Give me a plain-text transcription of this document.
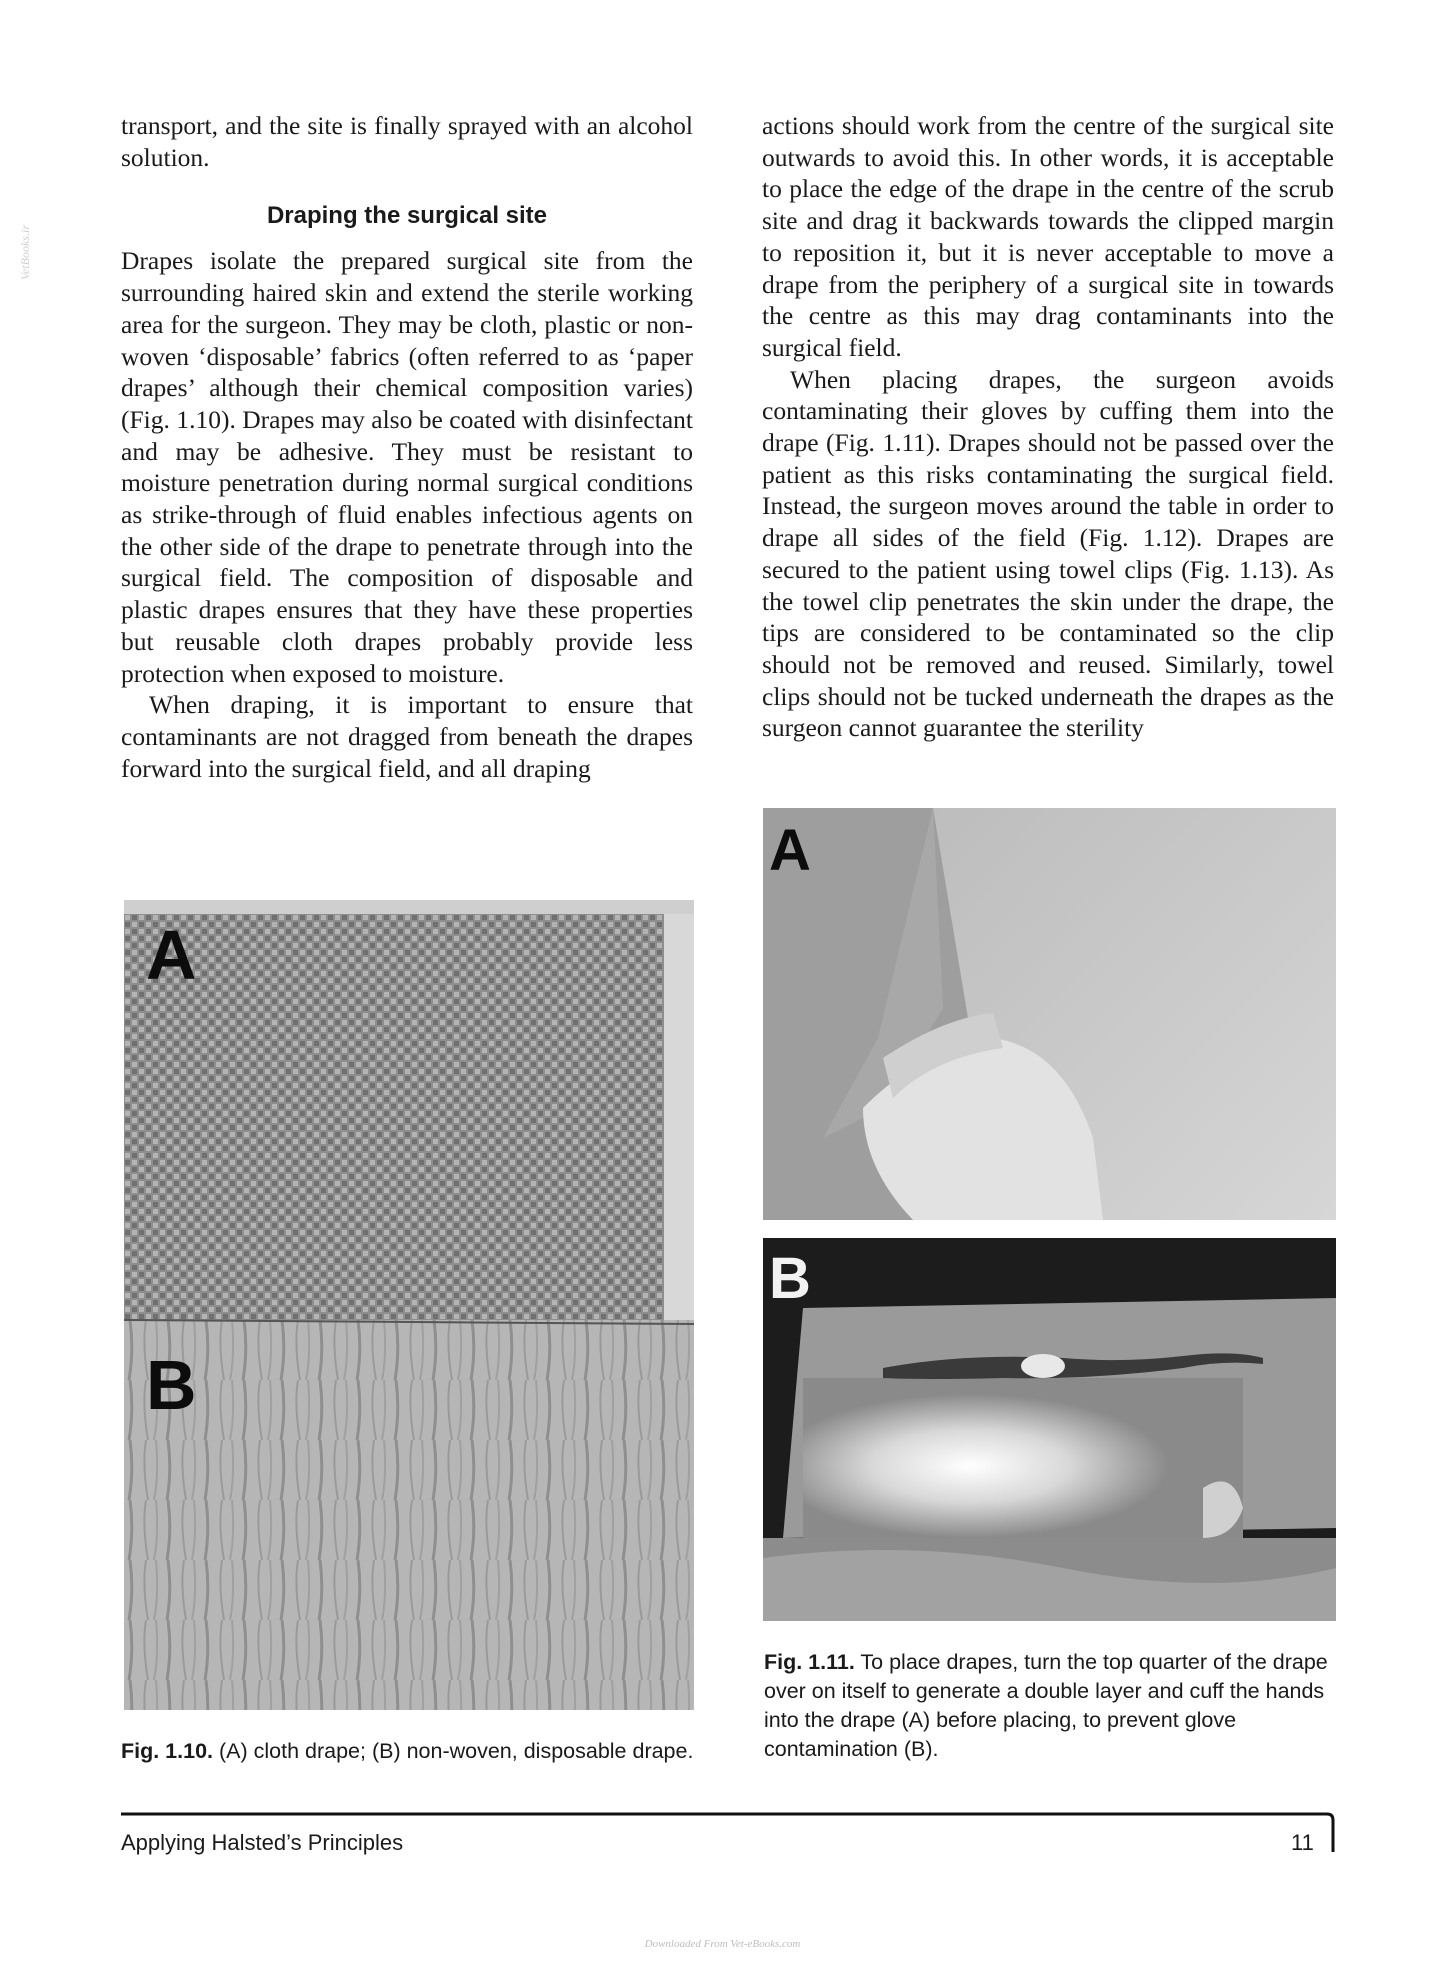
VetBooks.ir

transport, and the site is finally sprayed with an alcohol solution.

Draping the surgical site

Drapes isolate the prepared surgical site from the surrounding haired skin and extend the sterile working area for the surgeon. They may be cloth, plastic or non-woven ‘disposable’ fabrics (often referred to as ‘paper drapes’ although their chemical composition varies) (Fig. 1.10). Drapes may also be coated with disinfectant and may be adhesive. They must be resistant to moisture penetration during normal surgical conditions as strike-through of fluid enables infectious agents on the other side of the drape to penetrate through into the surgical field. The composition of disposable and plastic drapes ensures that they have these properties but reusable cloth drapes probably provide less protection when exposed to moisture.

When draping, it is important to ensure that contaminants are not dragged from beneath the drapes forward into the surgical field, and all draping

actions should work from the centre of the surgical site outwards to avoid this. In other words, it is acceptable to place the edge of the drape in the centre of the scrub site and drag it backwards towards the clipped margin to reposition it, but it is never acceptable to move a drape from the periphery of a surgical site in towards the centre as this may drag contaminants into the surgical field.

When placing drapes, the surgeon avoids contaminating their gloves by cuffing them into the drape (Fig. 1.11). Drapes should not be passed over the patient as this risks contaminating the surgical field. Instead, the surgeon moves around the table in order to drape all sides of the field (Fig. 1.12). Drapes are secured to the patient using towel clips (Fig. 1.13). As the towel clip penetrates the skin under the drape, the tips are considered to be contaminated so the clip should not be removed and reused. Similarly, towel clips should not be tucked underneath the drapes as the surgeon cannot guarantee the sterility

A
B
Fig. 1.10. (A) cloth drape; (B) non-woven, disposable drape.
A
B
Fig. 1.11. To place drapes, turn the top quarter of the drape over on itself to generate a double layer and cuff the hands into the drape (A) before placing, to prevent glove contamination (B).
Applying Halsted’s Principles	11
Downloaded From Vet-eBooks.com
